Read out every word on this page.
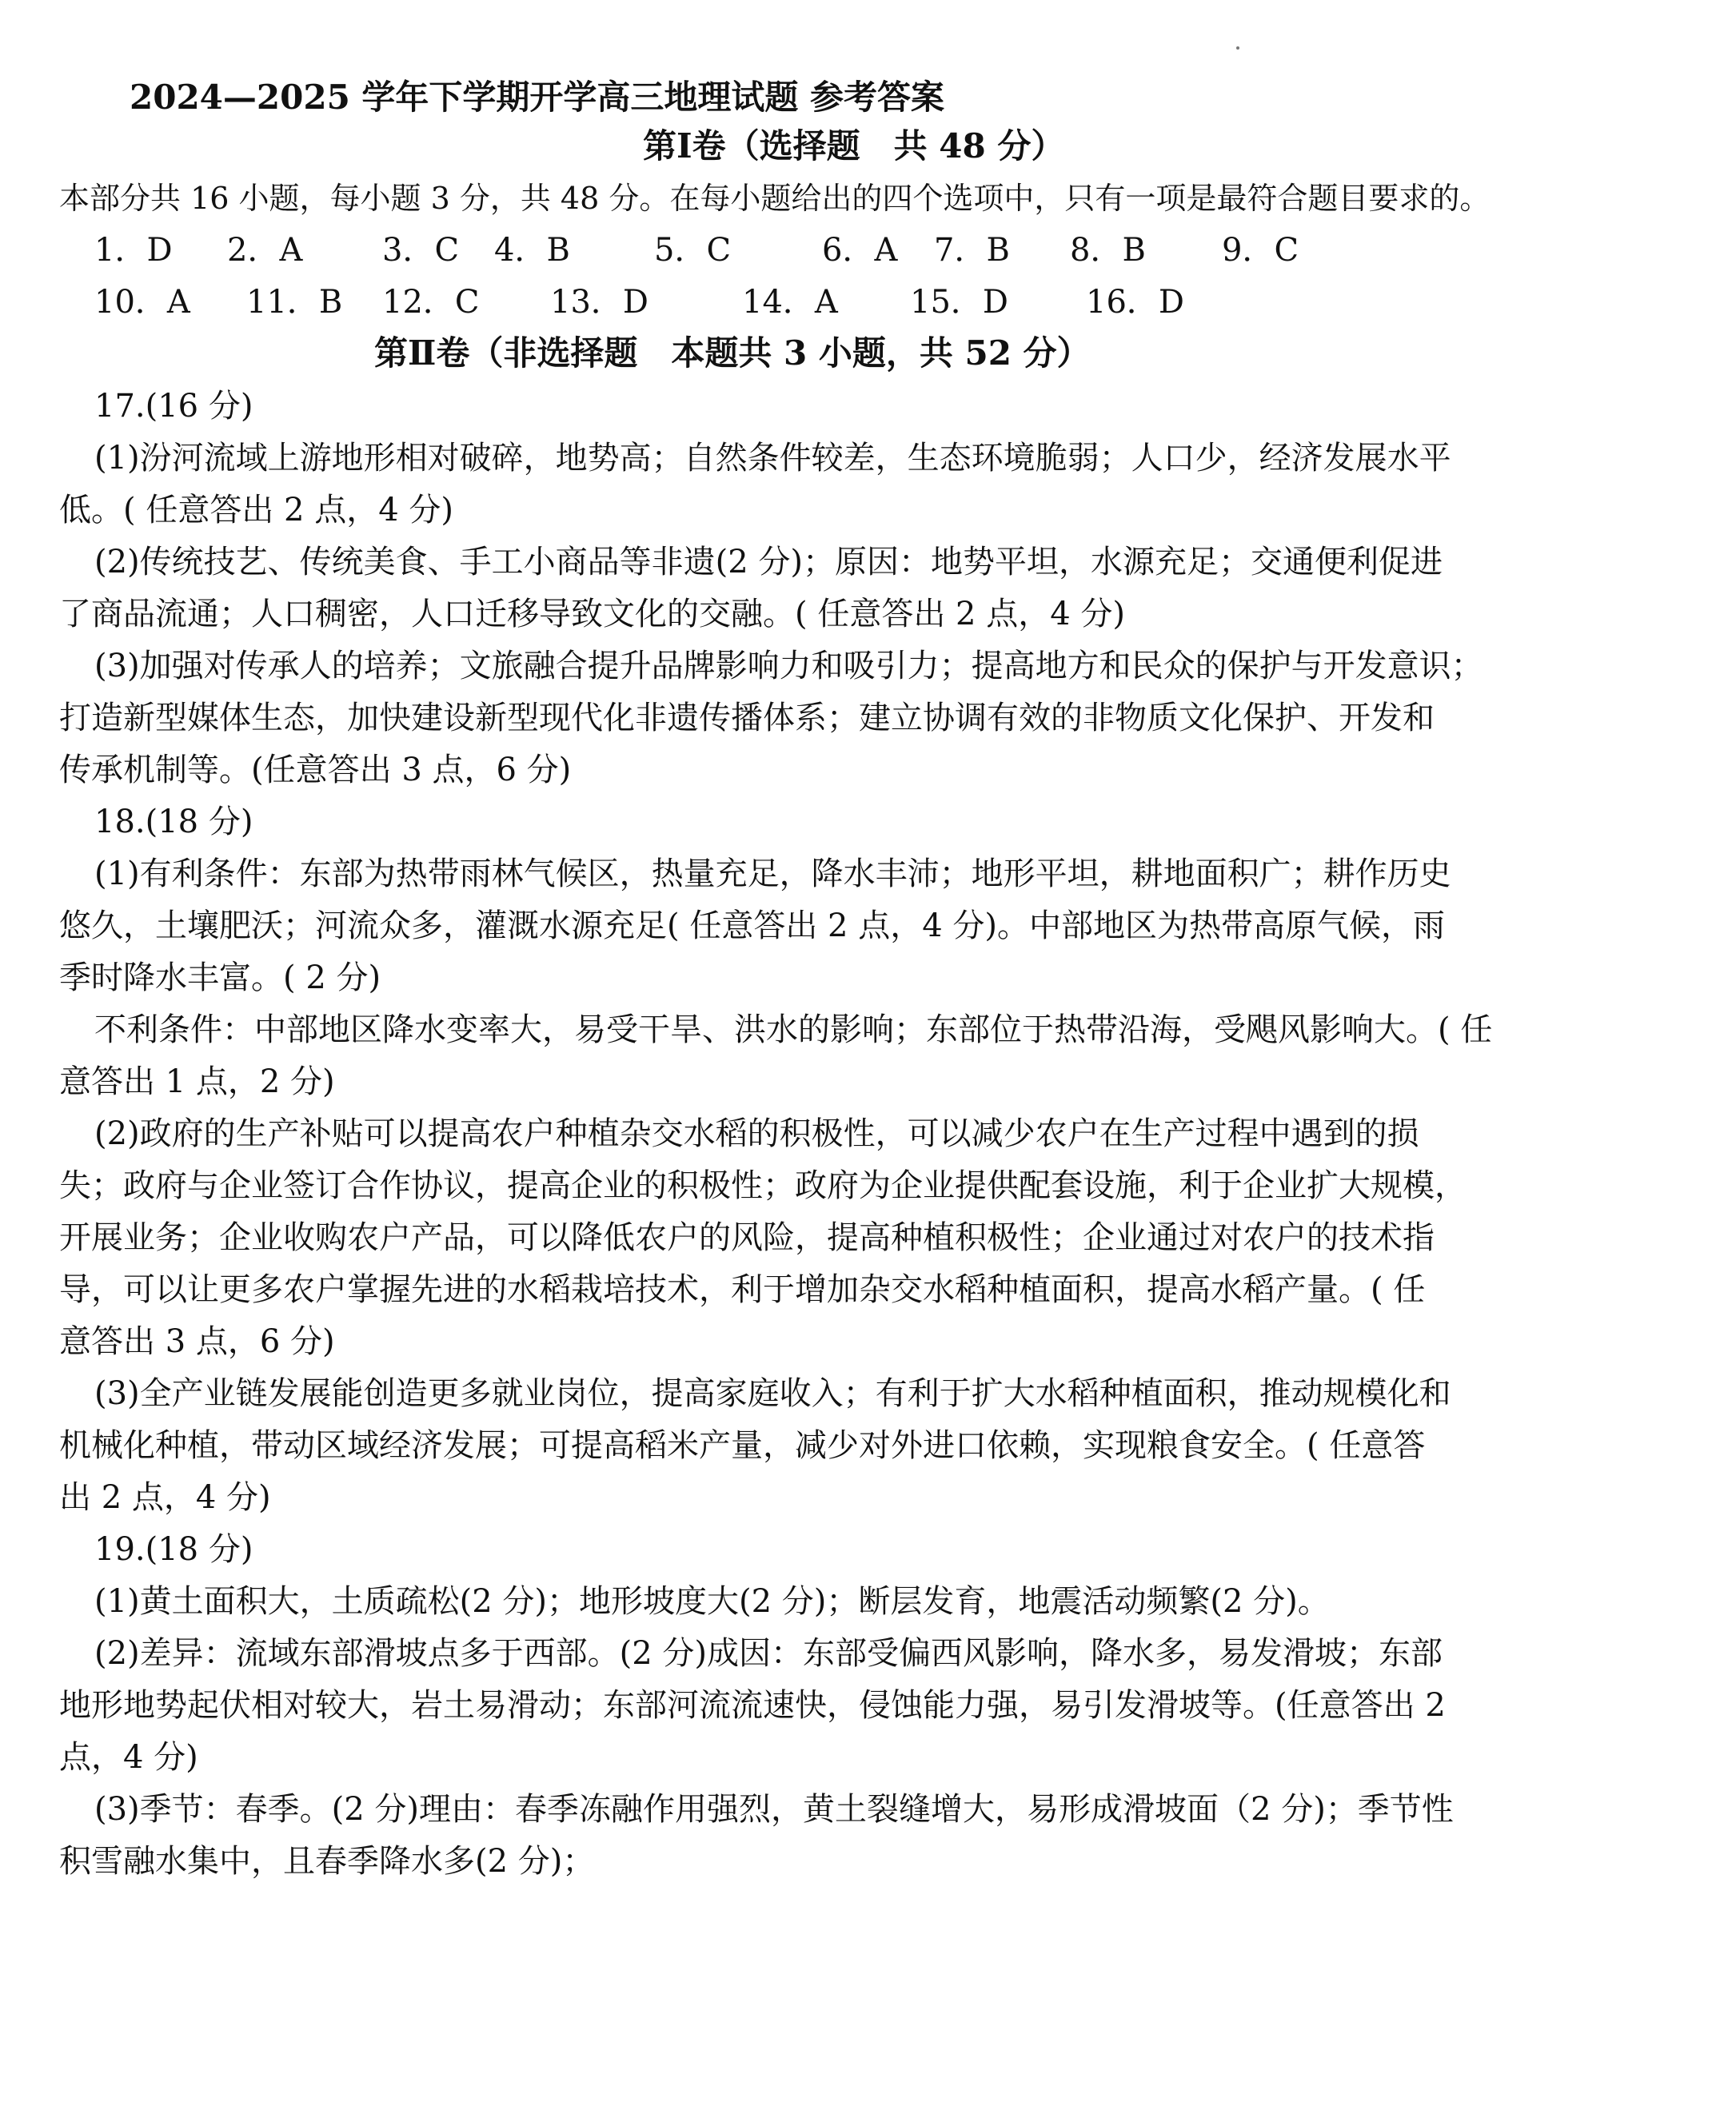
2024—2025 学年下学期开学高三地理试题 参考答案
第Ⅰ卷（选择题　共 48 分）
本部分共 16 小题，每小题 3 分，共 48 分。在每小题给出的四个选项中，只有一项是最符合题目要求的。
1．D 2．A 3．C 4．B	5．C	6．A 7．B 8．B 9．C
10．A 11．B 12．C 13．D	14．A 15．D 16．D
第Ⅱ卷（非选择题　本题共 3 小题，共 52 分）
17.(16 分)
(1)汾河流域上游地形相对破碎，地势高；自然条件较差，生态环境脆弱；人口少，经济发展水平
低。( 任意答出 2 点，4 分)
(2)传统技艺、传统美食、手工小商品等非遗(2 分)；原因：地势平坦，水源充足；交通便利促进
了商品流通；人口稠密，人口迁移导致文化的交融。( 任意答出 2 点，4 分)
(3)加强对传承人的培养；文旅融合提升品牌影响力和吸引力；提高地方和民众的保护与开发意识；
打造新型媒体生态，加快建设新型现代化非遗传播体系；建立协调有效的非物质文化保护、开发和
传承机制等。(任意答出 3 点，6 分)
18.(18 分)
(1)有利条件：东部为热带雨林气候区，热量充足，降水丰沛；地形平坦，耕地面积广；耕作历史
悠久，土壤肥沃；河流众多，灌溉水源充足( 任意答出 2 点，4 分)。中部地区为热带高原气候，雨
季时降水丰富。( 2 分)
不利条件：中部地区降水变率大，易受干旱、洪水的影响；东部位于热带沿海，受飓风影响大。( 任
意答出 1 点，2 分)
(2)政府的生产补贴可以提高农户种植杂交水稻的积极性，可以减少农户在生产过程中遇到的损
失；政府与企业签订合作协议，提高企业的积极性；政府为企业提供配套设施，利于企业扩大规模，
开展业务；企业收购农户产品，可以降低农户的风险，提高种植积极性；企业通过对农户的技术指
导，可以让更多农户掌握先进的水稻栽培技术，利于增加杂交水稻种植面积，提高水稻产量。( 任
意答出 3 点，6 分)
(3)全产业链发展能创造更多就业岗位，提高家庭收入；有利于扩大水稻种植面积，推动规模化和
机械化种植，带动区域经济发展；可提高稻米产量，减少对外进口依赖，实现粮食安全。( 任意答
出 2 点，4 分)
19.(18 分)
(1)黄土面积大，土质疏松(2 分)；地形坡度大(2 分)；断层发育，地震活动频繁(2 分)。
(2)差异：流域东部滑坡点多于西部。(2 分)成因：东部受偏西风影响，降水多，易发滑坡；东部
地形地势起伏相对较大，岩土易滑动；东部河流流速快，侵蚀能力强，易引发滑坡等。(任意答出 2
点，4 分)
(3)季节：春季。(2 分)理由：春季冻融作用强烈，黄土裂缝增大，易形成滑坡面（2 分)；季节性
积雪融水集中，且春季降水多(2 分)；
